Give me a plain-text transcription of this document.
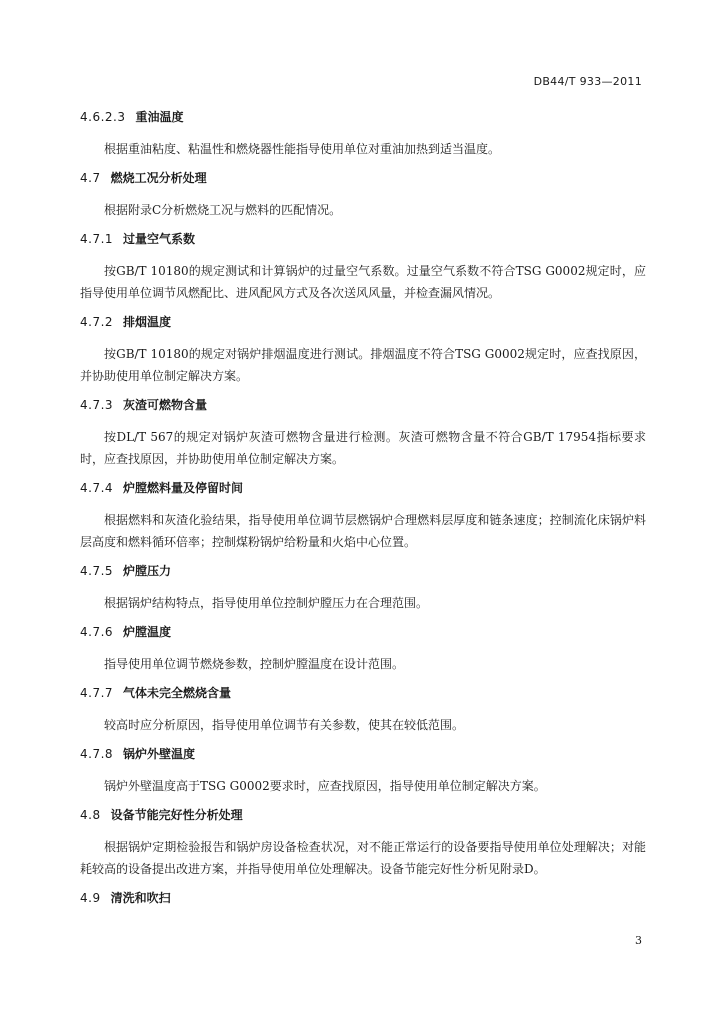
DB44/T 933—2011
4.6.2.3 重油温度

根据重油粘度、粘温性和燃烧器性能指导使用单位对重油加热到适当温度。

4.7 燃烧工况分析处理

根据附录C分析燃烧工况与燃料的匹配情况。

4.7.1 过量空气系数

按GB/T 10180的规定测试和计算锅炉的过量空气系数。过量空气系数不符合TSG G0002规定时，应指导使用单位调节风燃配比、进风配风方式及各次送风风量，并检查漏风情况。

4.7.2 排烟温度

按GB/T 10180的规定对锅炉排烟温度进行测试。排烟温度不符合TSG G0002规定时，应查找原因，并协助使用单位制定解决方案。

4.7.3 灰渣可燃物含量

按DL/T 567的规定对锅炉灰渣可燃物含量进行检测。灰渣可燃物含量不符合GB/T 17954指标要求时，应查找原因，并协助使用单位制定解决方案。

4.7.4 炉膛燃料量及停留时间

根据燃料和灰渣化验结果，指导使用单位调节层燃锅炉合理燃料层厚度和链条速度；控制流化床锅炉料层高度和燃料循环倍率；控制煤粉锅炉给粉量和火焰中心位置。

4.7.5 炉膛压力

根据锅炉结构特点，指导使用单位控制炉膛压力在合理范围。

4.7.6 炉膛温度

指导使用单位调节燃烧参数，控制炉膛温度在设计范围。

4.7.7 气体未完全燃烧含量

较高时应分析原因，指导使用单位调节有关参数，使其在较低范围。

4.7.8 锅炉外壁温度

锅炉外壁温度高于TSG G0002要求时，应查找原因，指导使用单位制定解决方案。

4.8 设备节能完好性分析处理

根据锅炉定期检验报告和锅炉房设备检查状况，对不能正常运行的设备要指导使用单位处理解决；对能耗较高的设备提出改进方案，并指导使用单位处理解决。设备节能完好性分析见附录D。

4.9 清洗和吹扫
3
